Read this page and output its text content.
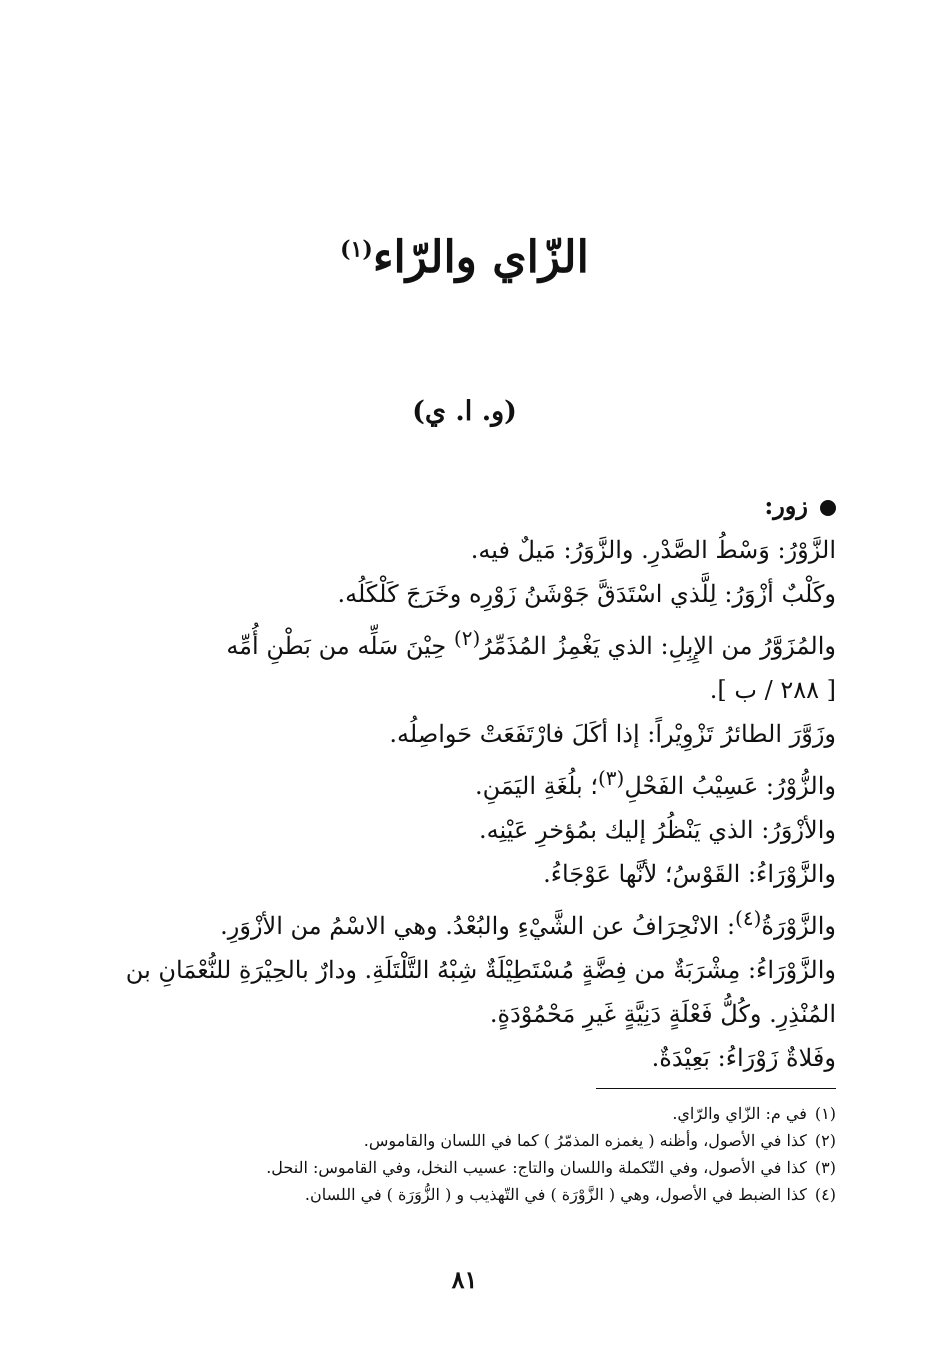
الزّاي والرّاء$^{(١)}$
(و. ا. ي)

زور:

الزَّوْرُ: وَسْطُ الصَّدْرِ. والزَّوَرُ: مَيلٌ فيه.

وكَلْبٌ أزْوَرُ: لِلَّذي اسْتَدَقَّ جَوْشَنُ زَوْرِه وخَرَجَ كَلْكَلُه.

والمُزَوَّرُ من الإِبِلِ: الذي يَغْمِزُ المُذَمِّرُ$^{(٢)}$ حِيْنَ سَلِّه من بَطْنِ أُمِّه

[ ٢٨٨ / ب ].

وزَوَّرَ الطائرُ تَزْوِيْراً: إذا أكَلَ فارْتَفَعَتْ حَواصِلُه.

والزُّوْرُ: عَسِيْبُ الفَحْلِ$^{(٣)}$؛ بلُغَةِ اليَمَنِ.

والأزْوَرُ: الذي يَنْظُرُ إليك بمُؤخرِ عَيْنِه.

والزَّوْرَاءُ: القَوْسُ؛ لأنَّها عَوْجَاءُ.

والزَّوْرَةُ$^{(٤)}$: الانْحِرَافُ عن الشَّيْءِ والبُعْدُ. وهي الاسْمُ من الأزْوَرِ.

والزَّوْرَاءُ: مِشْرَبَةٌ من فِضَّةٍ مُسْتَطِيْلَةٌ شِبْهُ التَّلْتَلَةِ. ودارٌ بالحِيْرَةِ للنُّعْمَانِ بن المُنْذِرِ. وكُلُّ فَعْلَةٍ دَنِيَّةٍ غَيرِ مَحْمُوْدَةٍ.

وفَلاةٌ زَوْرَاءُ: بَعِيْدَةٌ.

(١)في م: الزّاي والرّاي.

(٢)كذا في الأصول، وأظنه ( يغمزه المذمّرُ ) كما في اللسان والقاموس.

(٣)كذا في الأصول، وفي التّكملة واللسان والتاج: عسيب النخل، وفي القاموس: النحل.

(٤)كذا الضبط في الأصول، وهي ( الزَّوْرَة ) في التّهذيب و ( الزُّوَرَة ) في اللسان.

٨١
